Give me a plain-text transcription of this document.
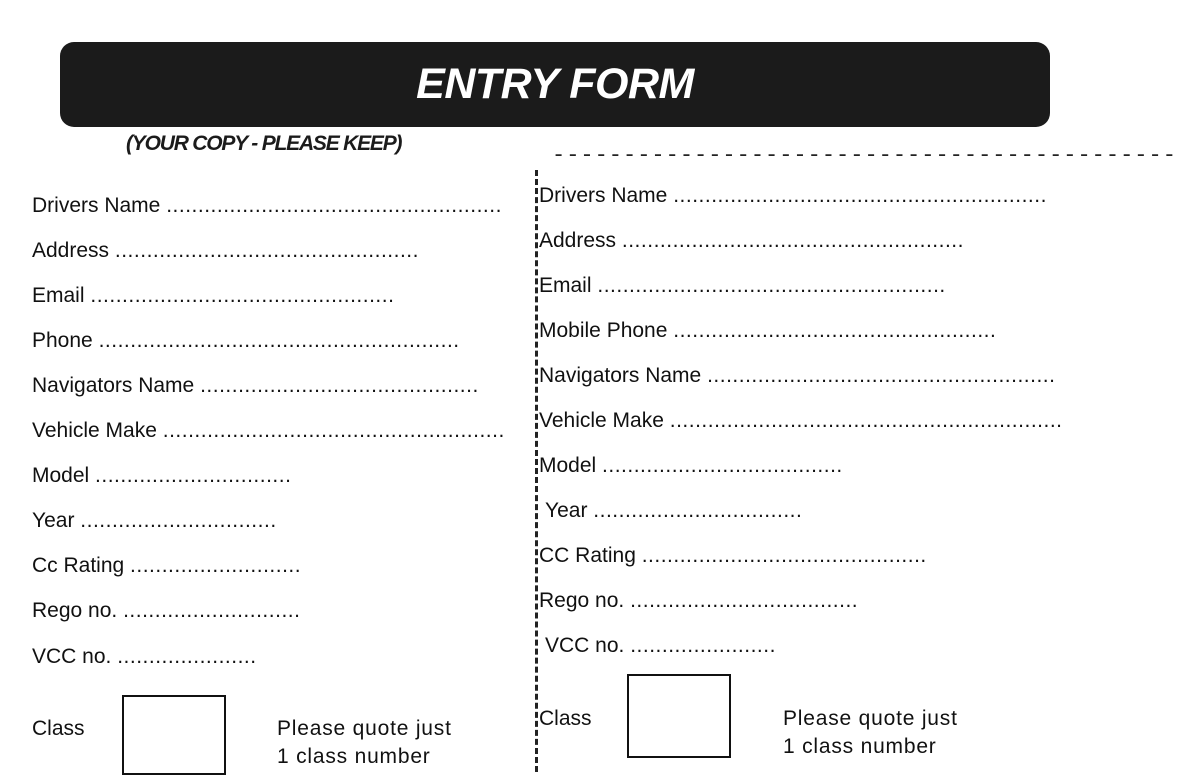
ENTRY FORM
(YOUR COPY - PLEASE KEEP)	--------------------------------------------
Drivers Name .....................................................
Address ................................................
Email ................................................
Phone .........................................................
Navigators Name ............................................
Vehicle Make ......................................................
Model ...............................
Year ...............................
Cc Rating ...........................
Rego no. ............................
VCC no. ......................
Class	Please quote just
1 class number
Drivers Name ...........................................................
Address ......................................................
Email .......................................................
Mobile Phone ...................................................
Navigators Name .......................................................
Vehicle Make ..............................................................
Model ......................................
Year .................................
CC Rating .............................................
Rego no. ....................................
VCC no. .......................
Class	Please quote just
1 class number
